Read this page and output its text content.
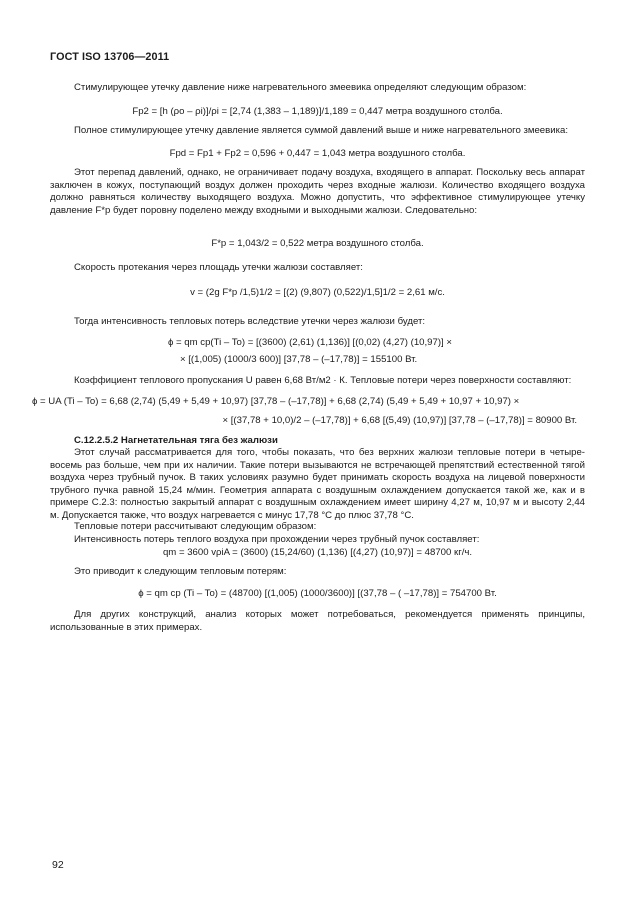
ГОСТ ISO 13706—2011
Стимулирующее утечку давление ниже нагревательного змеевика определяют следующим образом:
Fp2 = [h (ρo – ρi)]/ρi = [2,74 (1,383 – 1,189)]/1,189 = 0,447 метра воздушного столба.
Полное стимулирующее утечку давление является суммой давлений выше и ниже нагревательного змеевика:
Fpd = Fp1 + Fp2 = 0,596 + 0,447 = 1,043 метра воздушного столба.
Этот перепад давлений, однако, не ограничивает подачу воздуха, входящего в аппарат. Поскольку весь аппарат заключен в кожух, поступающий воздух должен проходить через входные жалюзи. Количество входящего воздуха должно равняться количеству выходящего воздуха. Можно допустить, что эффективное стимулирующее утечку давление F*p будет поровну поделено между входными и выходными жалюзи. Следовательно:
F*p = 1,043/2 = 0,522 метра воздушного столба.
Скорость протекания через площадь утечки жалюзи составляет:
v = (2g F*p /1,5)1/2 = [(2) (9,807) (0,522)/1,5]1/2 = 2,61 м/с.
Тогда интенсивность тепловых потерь вследствие утечки через жалюзи будет:
ϕ = qm cp(Ti – To) = [(3600) (2,61) (1,136)] [(0,02) (4,27) (10,97)] ×
× [(1,005) (1000/3 600)] [37,78 – (–17,78)] = 155100 Вт.
Коэффициент теплового пропускания U равен 6,68 Вт/м2 · К. Тепловые потери через поверхности составляют:
ϕ = UA (Ti – To) = 6,68 (2,74) (5,49 + 5,49 + 10,97) [37,78 – (–17,78)] + 6,68 (2,74) (5,49 + 5,49 + 10,97 + 10,97) ×
× [(37,78 + 10,0)/2 – (–17,78)] + 6,68 [(5,49) (10,97)] [37,78 – (–17,78)] = 80900 Вт.
С.12.2.5.2 Нагнетательная тяга без жалюзи
Этот случай рассматривается для того, чтобы показать, что без верхних жалюзи тепловые потери в четыре-восемь раз больше, чем при их наличии. Такие потери вызываются не встречающей препятствий естественной тягой воздуха через трубный пучок. В таких условиях разумно будет принимать скорость воздуха на лицевой поверхности трубного пучка равной 15,24 м/мин. Геометрия аппарата с воздушным охлаждением допускается такой же, как и в примере С.2.3: полностью закрытый аппарат с воздушным охлаждением имеет ширину 4,27 м, 10,97 м и высоту 2,44 м. Допускается также, что воздух нагревается с минус 17,78 °С до плюс 37,78 °С.
Тепловые потери рассчитывают следующим образом:
Интенсивность потерь теплого воздуха при прохождении через трубный пучок составляет:
qm = 3600 vρiA = (3600) (15,24/60) (1,136) [(4,27) (10,97)] = 48700 кг/ч.
Это приводит к следующим тепловым потерям:
ϕ = qm cp (Ti – To) = (48700) [(1,005) (1000/3600)] [(37,78 – ( –17,78)] = 754700 Вт.
Для других конструкций, анализ которых может потребоваться, рекомендуется применять принципы, использованные в этих примерах.
92
